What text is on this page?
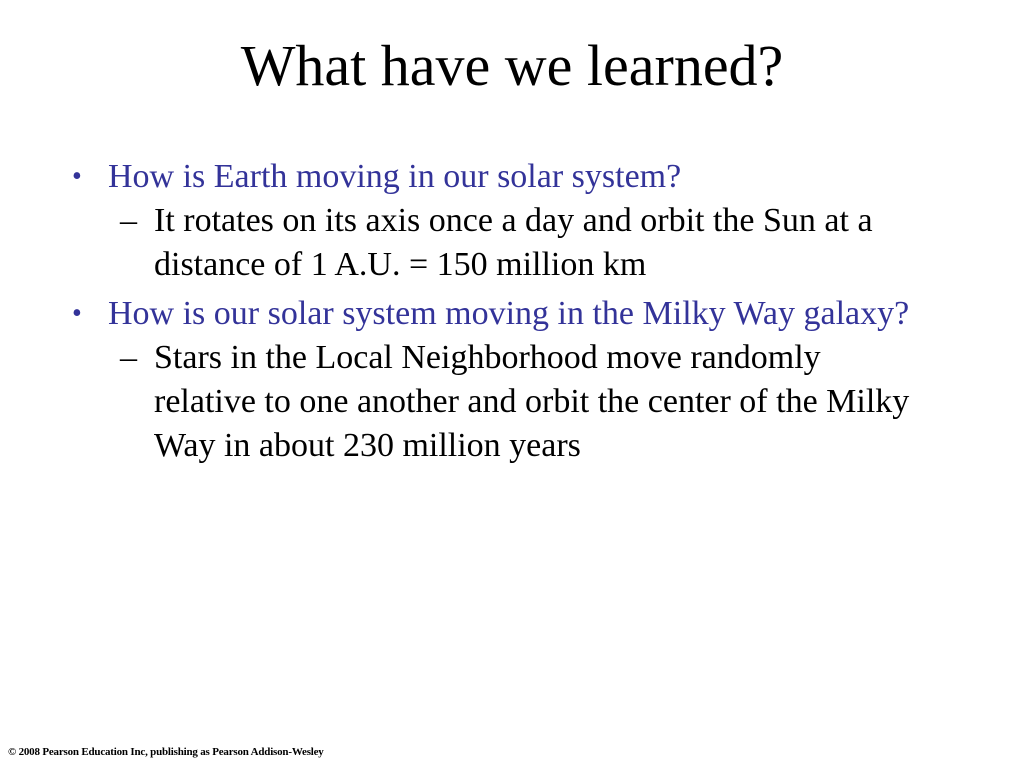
What have we learned?
• How is Earth moving in our solar system?
– It rotates on its axis once a day and orbit the Sun at a distance of 1 A.U. = 150 million km
• How is our solar system moving in the Milky Way galaxy?
– Stars in the Local Neighborhood move randomly relative to one another and orbit the center of the Milky Way in about 230 million years
© 2008 Pearson Education Inc, publishing as Pearson Addison-Wesley
